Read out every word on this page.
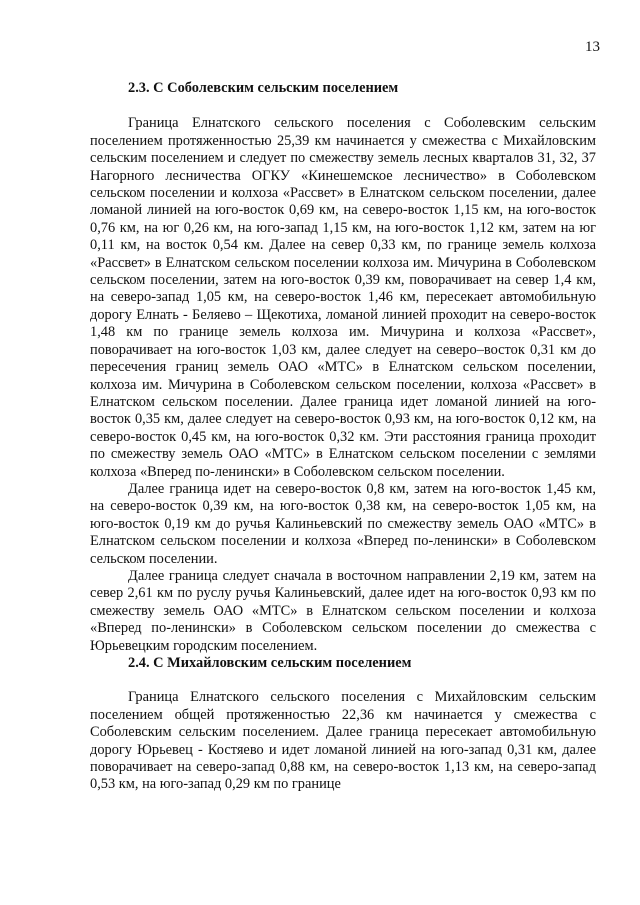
13
2.3. С Соболевским сельским поселением

Граница Елнатского сельского поселения с Соболевским сельским поселением протяженностью 25,39 км начинается у смежества с Михайловским сельским поселением и следует по смежеству земель лесных кварталов 31, 32, 37 Нагорного лесничества ОГКУ «Кинешемское лесничество» в Соболевском сельском поселении и колхоза «Рассвет» в Елнатском сельском поселении, далее ломаной линией на юго-восток 0,69 км, на северо-восток 1,15 км, на юго-восток 0,76 км, на юг 0,26 км, на юго-запад 1,15 км, на юго-восток 1,12 км, затем на юг 0,11 км, на восток 0,54 км. Далее на север 0,33 км, по границе земель колхоза «Рассвет» в Елнатском сельском поселении колхоза им. Мичурина в Соболевском сельском поселении, затем на юго-восток 0,39 км, поворачивает на север 1,4 км, на северо-запад 1,05 км, на северо-восток 1,46 км, пересекает автомобильную дорогу Елнать - Беляево – Щекотиха, ломаной линией проходит на северо-восток 1,48 км по границе земель колхоза им. Мичурина и колхоза «Рассвет», поворачивает на юго-восток 1,03 км, далее следует на северо–восток 0,31 км до пересечения границ земель ОАО «МТС» в Елнатском сельском поселении, колхоза им. Мичурина в Соболевском сельском поселении, колхоза «Рассвет» в Елнатском сельском поселении. Далее граница идет ломаной линией на юго-восток 0,35 км, далее следует на северо-восток 0,93 км, на юго-восток 0,12 км, на северо-восток 0,45 км, на юго-восток 0,32 км. Эти расстояния граница проходит по смежеству земель ОАО «МТС» в Елнатском сельском поселении с землями колхоза «Вперед по-ленински» в Соболевском сельском поселении.

Далее граница идет на северо-восток 0,8 км, затем на юго-восток 1,45 км, на северо-восток 0,39 км, на юго-восток 0,38 км, на северо-восток 1,05 км, на юго-восток 0,19 км до ручья Калиньевский по смежеству земель ОАО «МТС» в Елнатском сельском поселении и колхоза «Вперед по-ленински» в Соболевском сельском поселении.

Далее граница следует сначала в восточном направлении 2,19 км, затем на север 2,61 км по руслу ручья Калиньевский, далее идет на юго-восток 0,93 км по смежеству земель ОАО «МТС» в Елнатском сельском поселении и колхоза «Вперед по-ленински» в Соболевском сельском поселении до смежества с Юрьевецким городским поселением.

2.4. С Михайловским сельским поселением

Граница Елнатского сельского поселения с Михайловским сельским поселением общей протяженностью 22,36 км начинается у смежества с Соболевским сельским поселением. Далее граница пересекает автомобильную дорогу Юрьевец - Костяево и идет ломаной линией на юго-запад 0,31 км, далее поворачивает на северо-запад 0,88 км, на северо-восток 1,13 км, на северо-запад 0,53 км, на юго-запад 0,29 км по границе
